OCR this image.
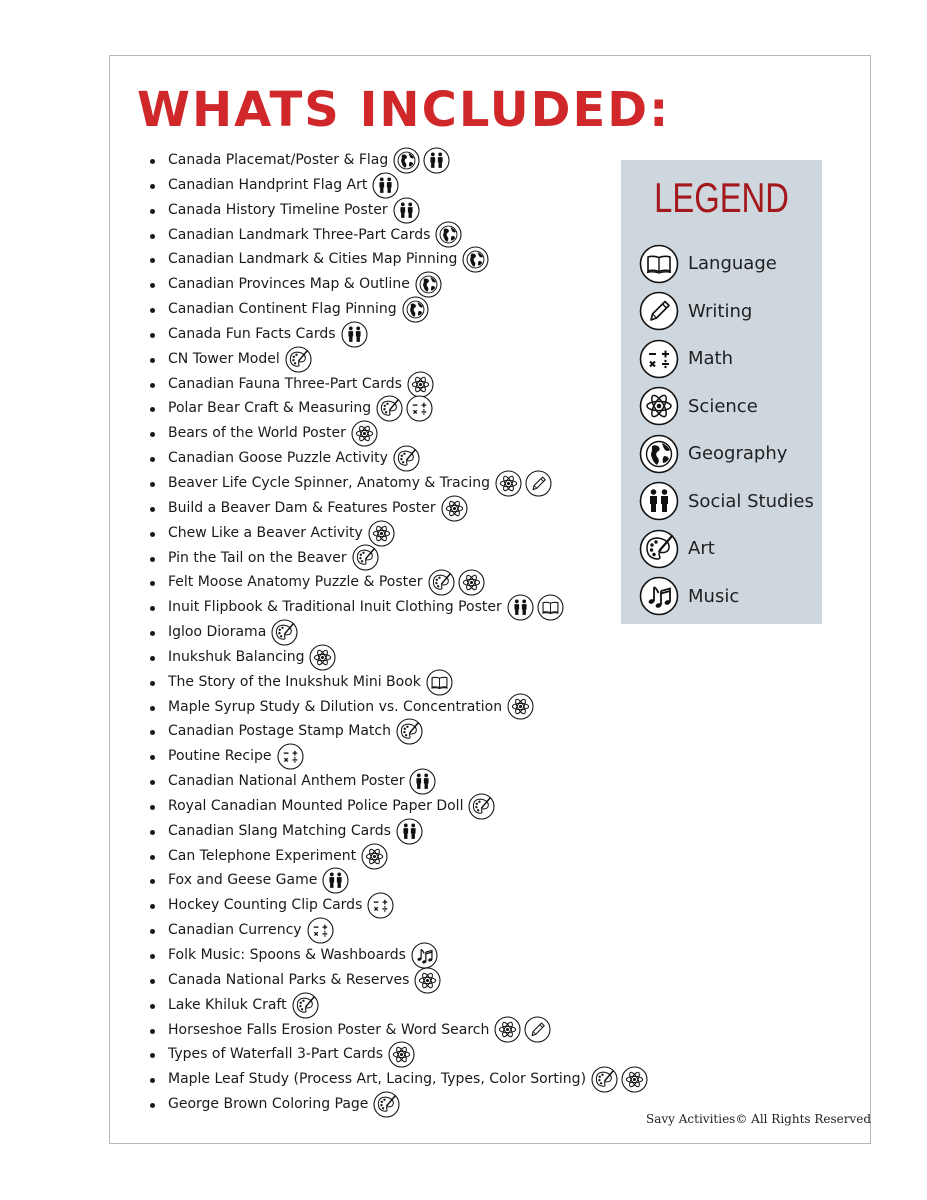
WHATS INCLUDED:
Canada Placemat/Poster & Flag
Canadian Handprint Flag Art
Canada History Timeline Poster
Canadian Landmark Three-Part Cards
Canadian Landmark & Cities Map Pinning
Canadian Provinces Map & Outline
Canadian Continent Flag Pinning
Canada Fun Facts Cards
CN Tower Model
Canadian Fauna Three-Part Cards
Polar Bear Craft & Measuring
Bears of the World Poster
Canadian Goose Puzzle Activity
Beaver Life Cycle Spinner, Anatomy & Tracing
Build a Beaver Dam & Features Poster
Chew Like a Beaver Activity
Pin the Tail on the Beaver
Felt Moose Anatomy Puzzle & Poster
Inuit Flipbook & Traditional Inuit Clothing Poster
Igloo Diorama
Inukshuk Balancing
The Story of the Inukshuk Mini Book
Maple Syrup Study & Dilution vs. Concentration
Canadian Postage Stamp Match
Poutine Recipe
Canadian National Anthem Poster
Royal Canadian Mounted Police Paper Doll
Canadian Slang Matching Cards
Can Telephone Experiment
Fox and Geese Game
Hockey Counting Clip Cards
Canadian Currency
Folk Music: Spoons & Washboards
Canada National Parks & Reserves
Lake Khiluk Craft
Horseshoe Falls Erosion Poster & Word Search
Types of Waterfall 3-Part Cards
Maple Leaf Study (Process Art, Lacing, Types, Color Sorting)
George Brown Coloring Page
LEGEND
Language
Writing
Math
Science
Geography
Social Studies
Art
Music
Savy Activities© All Rights Reserved
